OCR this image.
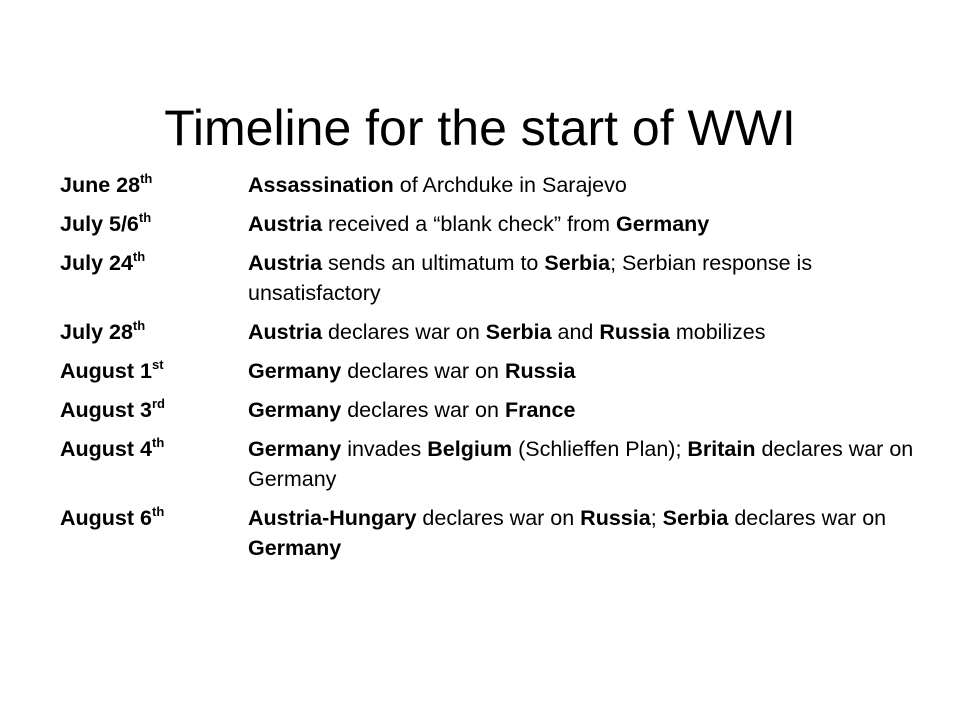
Timeline for the start of WWI
June 28th	Assassination of Archduke in Sarajevo
July 5/6th	Austria received a “blank check” from Germany
July 24th	Austria sends an ultimatum to Serbia; Serbian response is unsatisfactory
July 28th	Austria declares war on Serbia and Russia mobilizes
August 1st	Germany declares war on Russia
August 3rd	Germany declares war on France
August 4th	Germany invades Belgium (Schlieffen Plan); Britain declares war on Germany
August 6th	Austria-Hungary declares war on Russia; Serbia declares war on Germany
